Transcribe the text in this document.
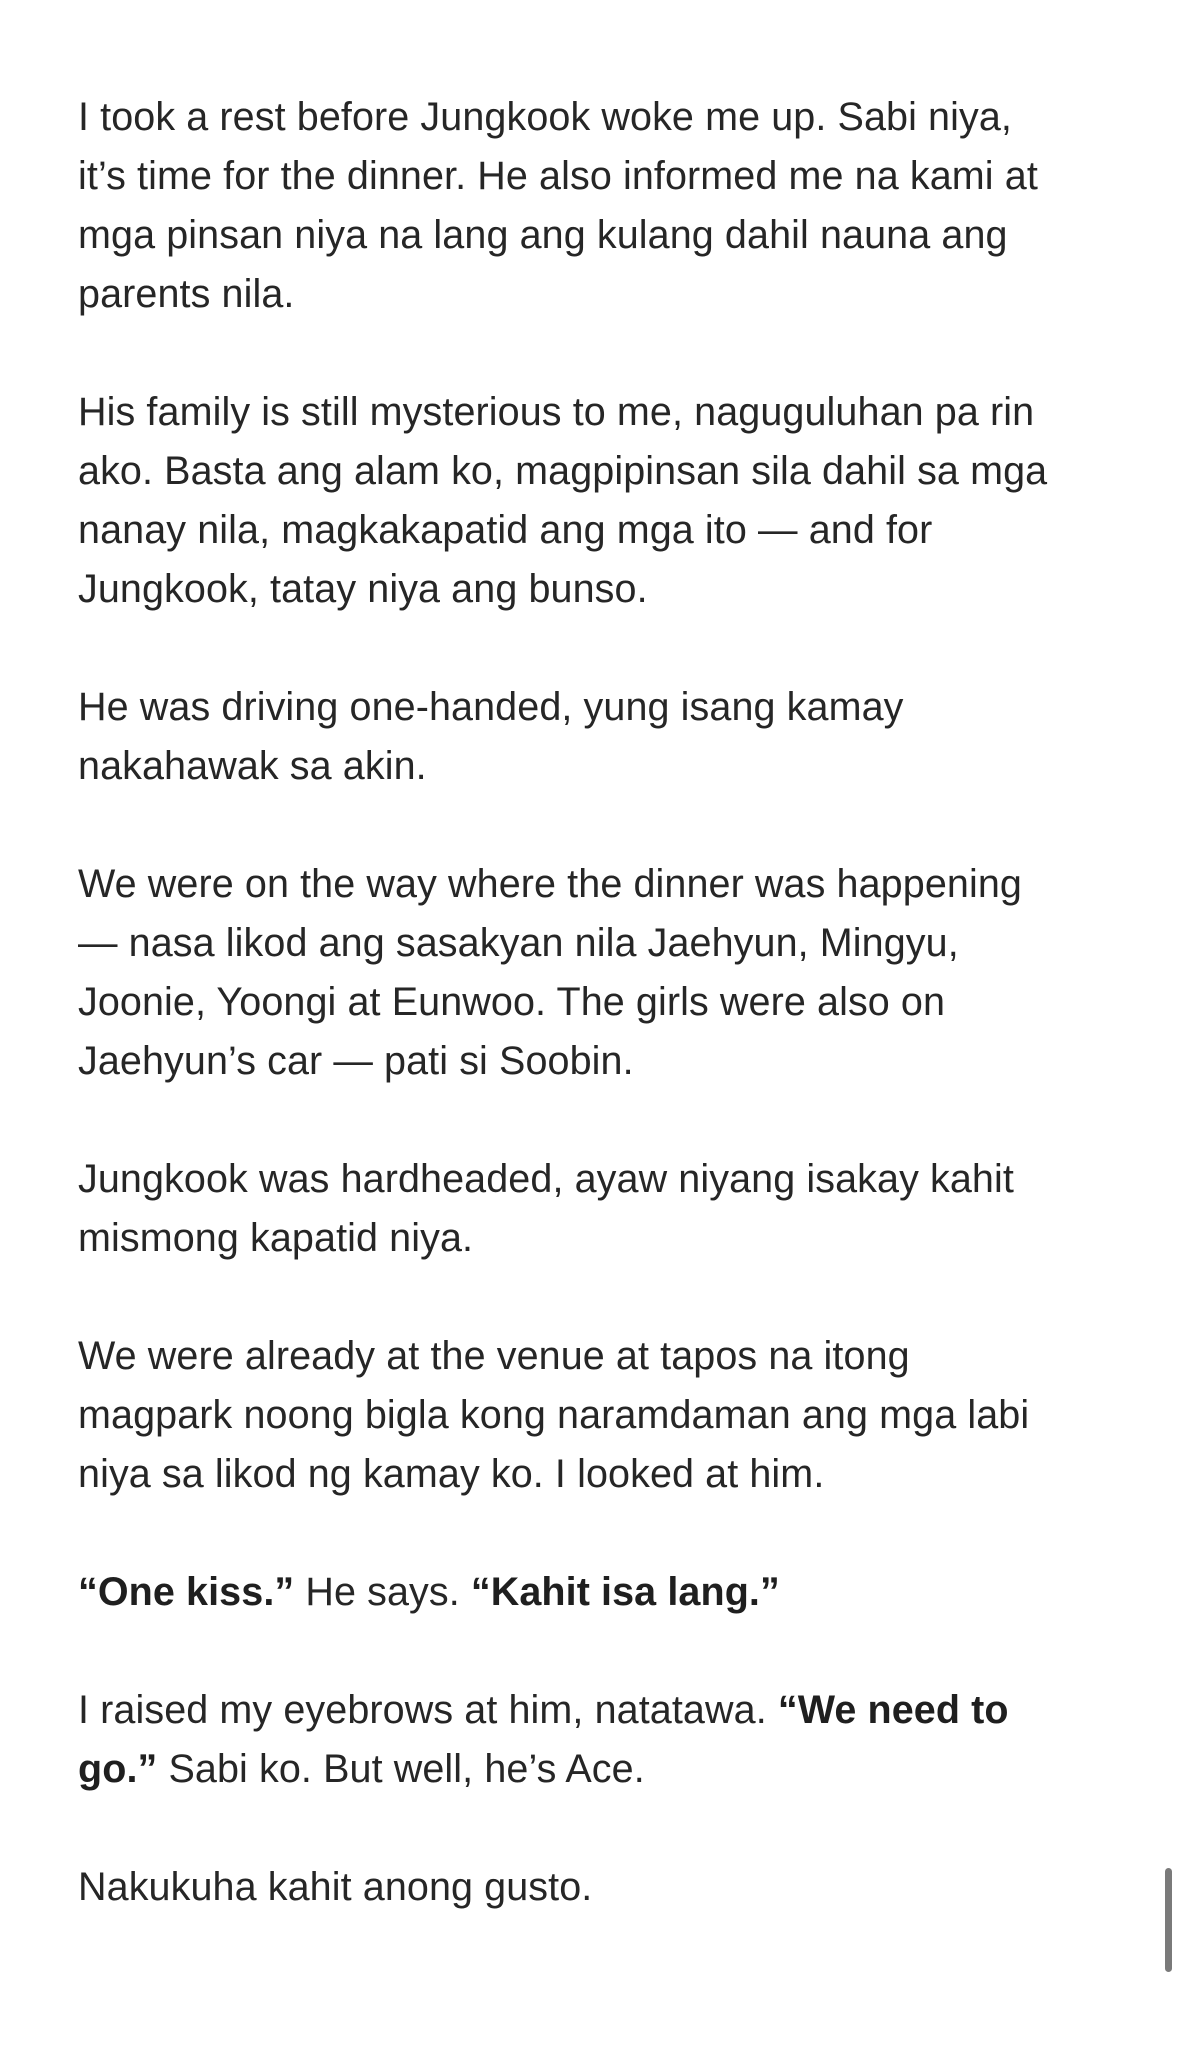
I took a rest before Jungkook woke me up. Sabi niya,
it’s time for the dinner. He also informed me na kami at
mga pinsan niya na lang ang kulang dahil nauna ang
parents nila.

His family is still mysterious to me, naguguluhan pa rin
ako. Basta ang alam ko, magpipinsan sila dahil sa mga
nanay nila, magkakapatid ang mga ito — and for
Jungkook, tatay niya ang bunso.

He was driving one-handed, yung isang kamay
nakahawak sa akin.

We were on the way where the dinner was happening
— nasa likod ang sasakyan nila Jaehyun, Mingyu,
Joonie, Yoongi at Eunwoo. The girls were also on
Jaehyun’s car — pati si Soobin.

Jungkook was hardheaded, ayaw niyang isakay kahit
mismong kapatid niya.

We were already at the venue at tapos na itong
magpark noong bigla kong naramdaman ang mga labi
niya sa likod ng kamay ko. I looked at him.

“One kiss.” He says. “Kahit isa lang.”

I raised my eyebrows at him, natatawa. “We need to
go.” Sabi ko. But well, he’s Ace.

Nakukuha kahit anong gusto.
